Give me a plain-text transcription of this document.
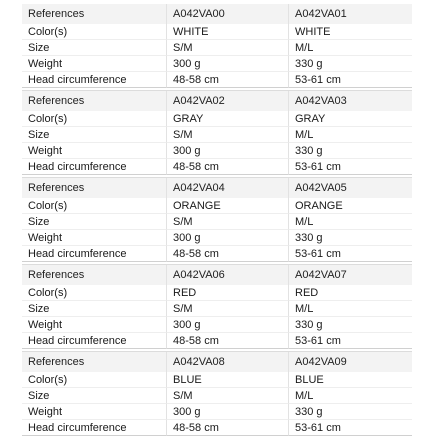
References	A042VA00	A042VA01
Color(s)	WHITE	WHITE
Size	S/M	M/L
Weight	300 g	330 g
Head circumference	48-58 cm	53-61 cm
References	A042VA02	A042VA03
Color(s)	GRAY	GRAY
Size	S/M	M/L
Weight	300 g	330 g
Head circumference	48-58 cm	53-61 cm
References	A042VA04	A042VA05
Color(s)	ORANGE	ORANGE
Size	S/M	M/L
Weight	300 g	330 g
Head circumference	48-58 cm	53-61 cm
References	A042VA06	A042VA07
Color(s)	RED	RED
Size	S/M	M/L
Weight	300 g	330 g
Head circumference	48-58 cm	53-61 cm
References	A042VA08	A042VA09
Color(s)	BLUE	BLUE
Size	S/M	M/L
Weight	300 g	330 g
Head circumference	48-58 cm	53-61 cm
